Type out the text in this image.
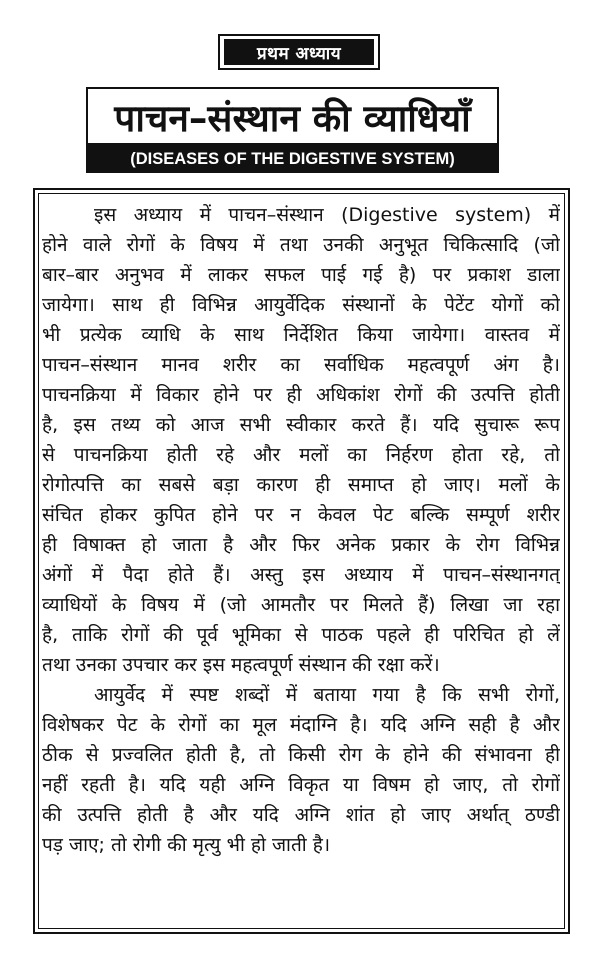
प्रथम अध्याय
पाचन–संस्थान की व्याधियाँ
(DISEASES OF THE DIGESTIVE SYSTEM)
इस अध्याय में पाचन–संस्थान (Digestive system) में
होने वाले रोगों के विषय में तथा उनकी अनुभूत चिकित्सादि (जो
बार–बार अनुभव में लाकर सफल पाई गई है) पर प्रकाश डाला
जायेगा। साथ ही विभिन्न आयुर्वेदिक संस्थानों के पेटेंट योगों को
भी प्रत्येक व्याधि के साथ निर्देशित किया जायेगा। वास्तव में
पाचन–संस्थान मानव शरीर का सर्वाधिक महत्वपूर्ण अंग है।
पाचनक्रिया में विकार होने पर ही अधिकांश रोगों की उत्पत्ति होती
है, इस तथ्य को आज सभी स्वीकार करते हैं। यदि सुचारू रूप
से पाचनक्रिया होती रहे और मलों का निर्हरण होता रहे, तो
रोगोत्पत्ति का सबसे बड़ा कारण ही समाप्त हो जाए। मलों के
संचित होकर कुपित होने पर न केवल पेट बल्कि सम्पूर्ण शरीर
ही विषाक्त हो जाता है और फिर अनेक प्रकार के रोग विभिन्न
अंगों में पैदा होते हैं। अस्तु इस अध्याय में पाचन–संस्थानगत्
व्याधियों के विषय में (जो आमतौर पर मिलते हैं) लिखा जा रहा
है, ताकि रोगों की पूर्व भूमिका से पाठक पहले ही परिचित हो लें
तथा उनका उपचार कर इस महत्वपूर्ण संस्थान की रक्षा करें।
आयुर्वेद में स्पष्ट शब्दों में बताया गया है कि सभी रोगों,
विशेषकर पेट के रोगों का मूल मंदाग्नि है। यदि अग्नि सही है और
ठीक से प्रज्वलित होती है, तो किसी रोग के होने की संभावना ही
नहीं रहती है। यदि यही अग्नि विकृत या विषम हो जाए, तो रोगों
की उत्पत्ति होती है और यदि अग्नि शांत हो जाए अर्थात् ठण्डी
पड़ जाए; तो रोगी की मृत्यु भी हो जाती है।
